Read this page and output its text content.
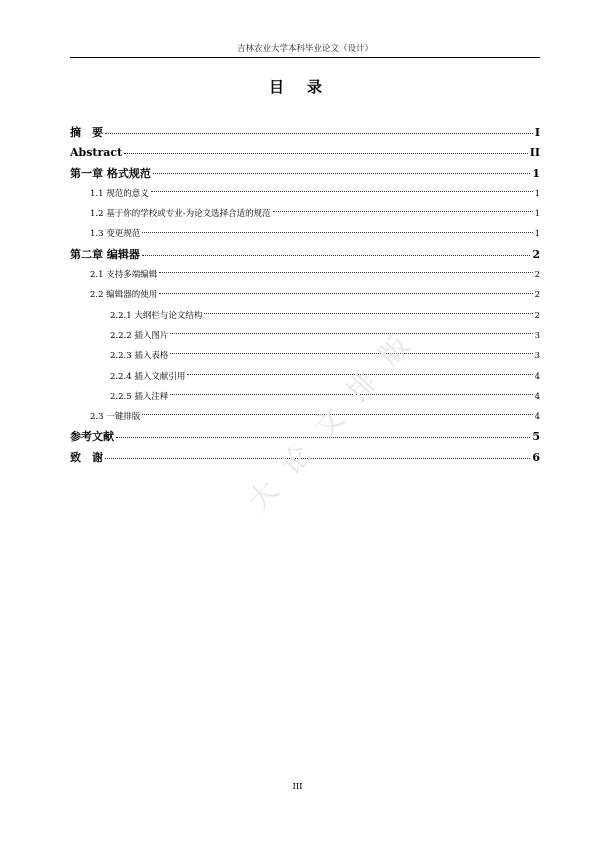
吉林农业大学本科毕业论文（设计）
目　录
摘　要	I
Abstract	II
第一章 格式规范	1
1.1 规范的意义	1
1.2 基于你的学校或专业-为论文选择合适的规范	1
1.3 变更规范	1
第二章 编辑器	2
2.1 支持多端编辑	2
2.2 编辑器的使用	2
2.2.1 大纲栏与论文结构	2
2.2.2 插入图片	3
2.2.3 插入表格	3
2.2.4 插入文献引用	4
2.2.5 插入注释	4
2.3 一键排版	4
参考文献	5
致　谢	6
大 论 文 排 版
III
